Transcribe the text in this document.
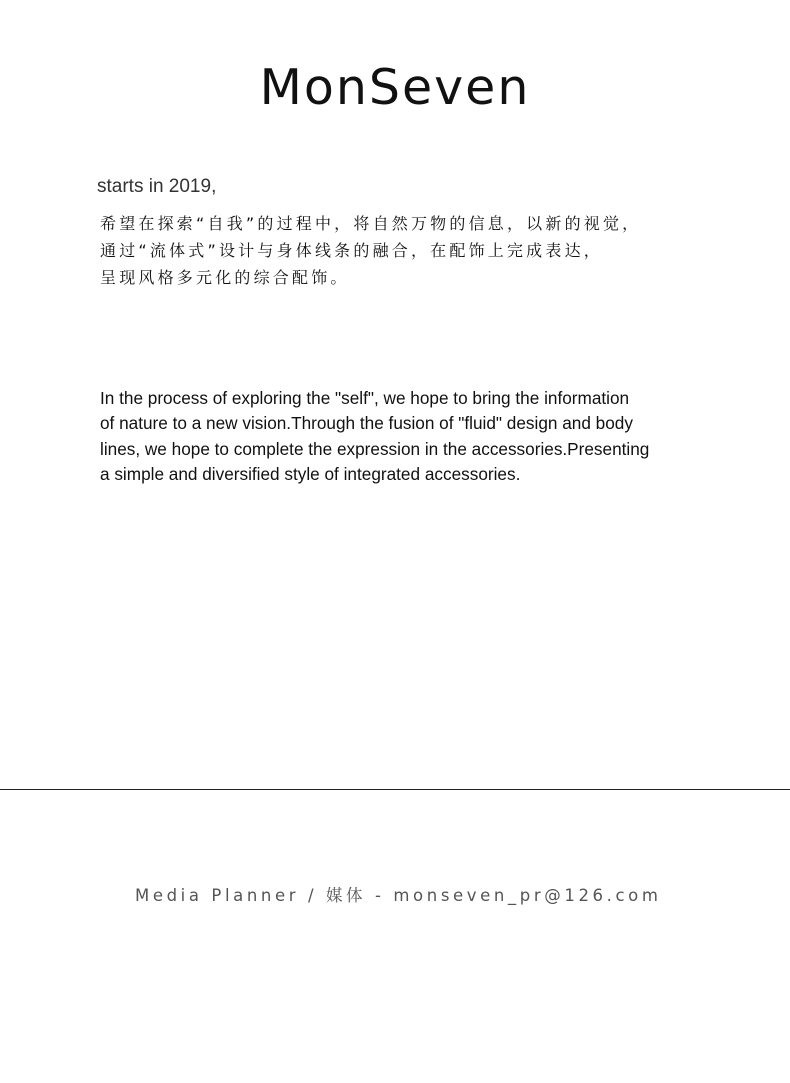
MonSeven
starts in 2019,
希望在探索“自我”的过程中，将自然万物的信息，以新的视觉，
通过“流体式”设计与身体线条的融合，在配饰上完成表达，
呈现风格多元化的综合配饰。
In the process of exploring the "self", we hope to bring the information
of nature to a new vision.Through the fusion of "fluid" design and body
lines, we hope to complete the expression in the accessories.Presenting
a simple and diversified style of integrated accessories.
Media Planner / 媒体 - monseven_pr@126.com
